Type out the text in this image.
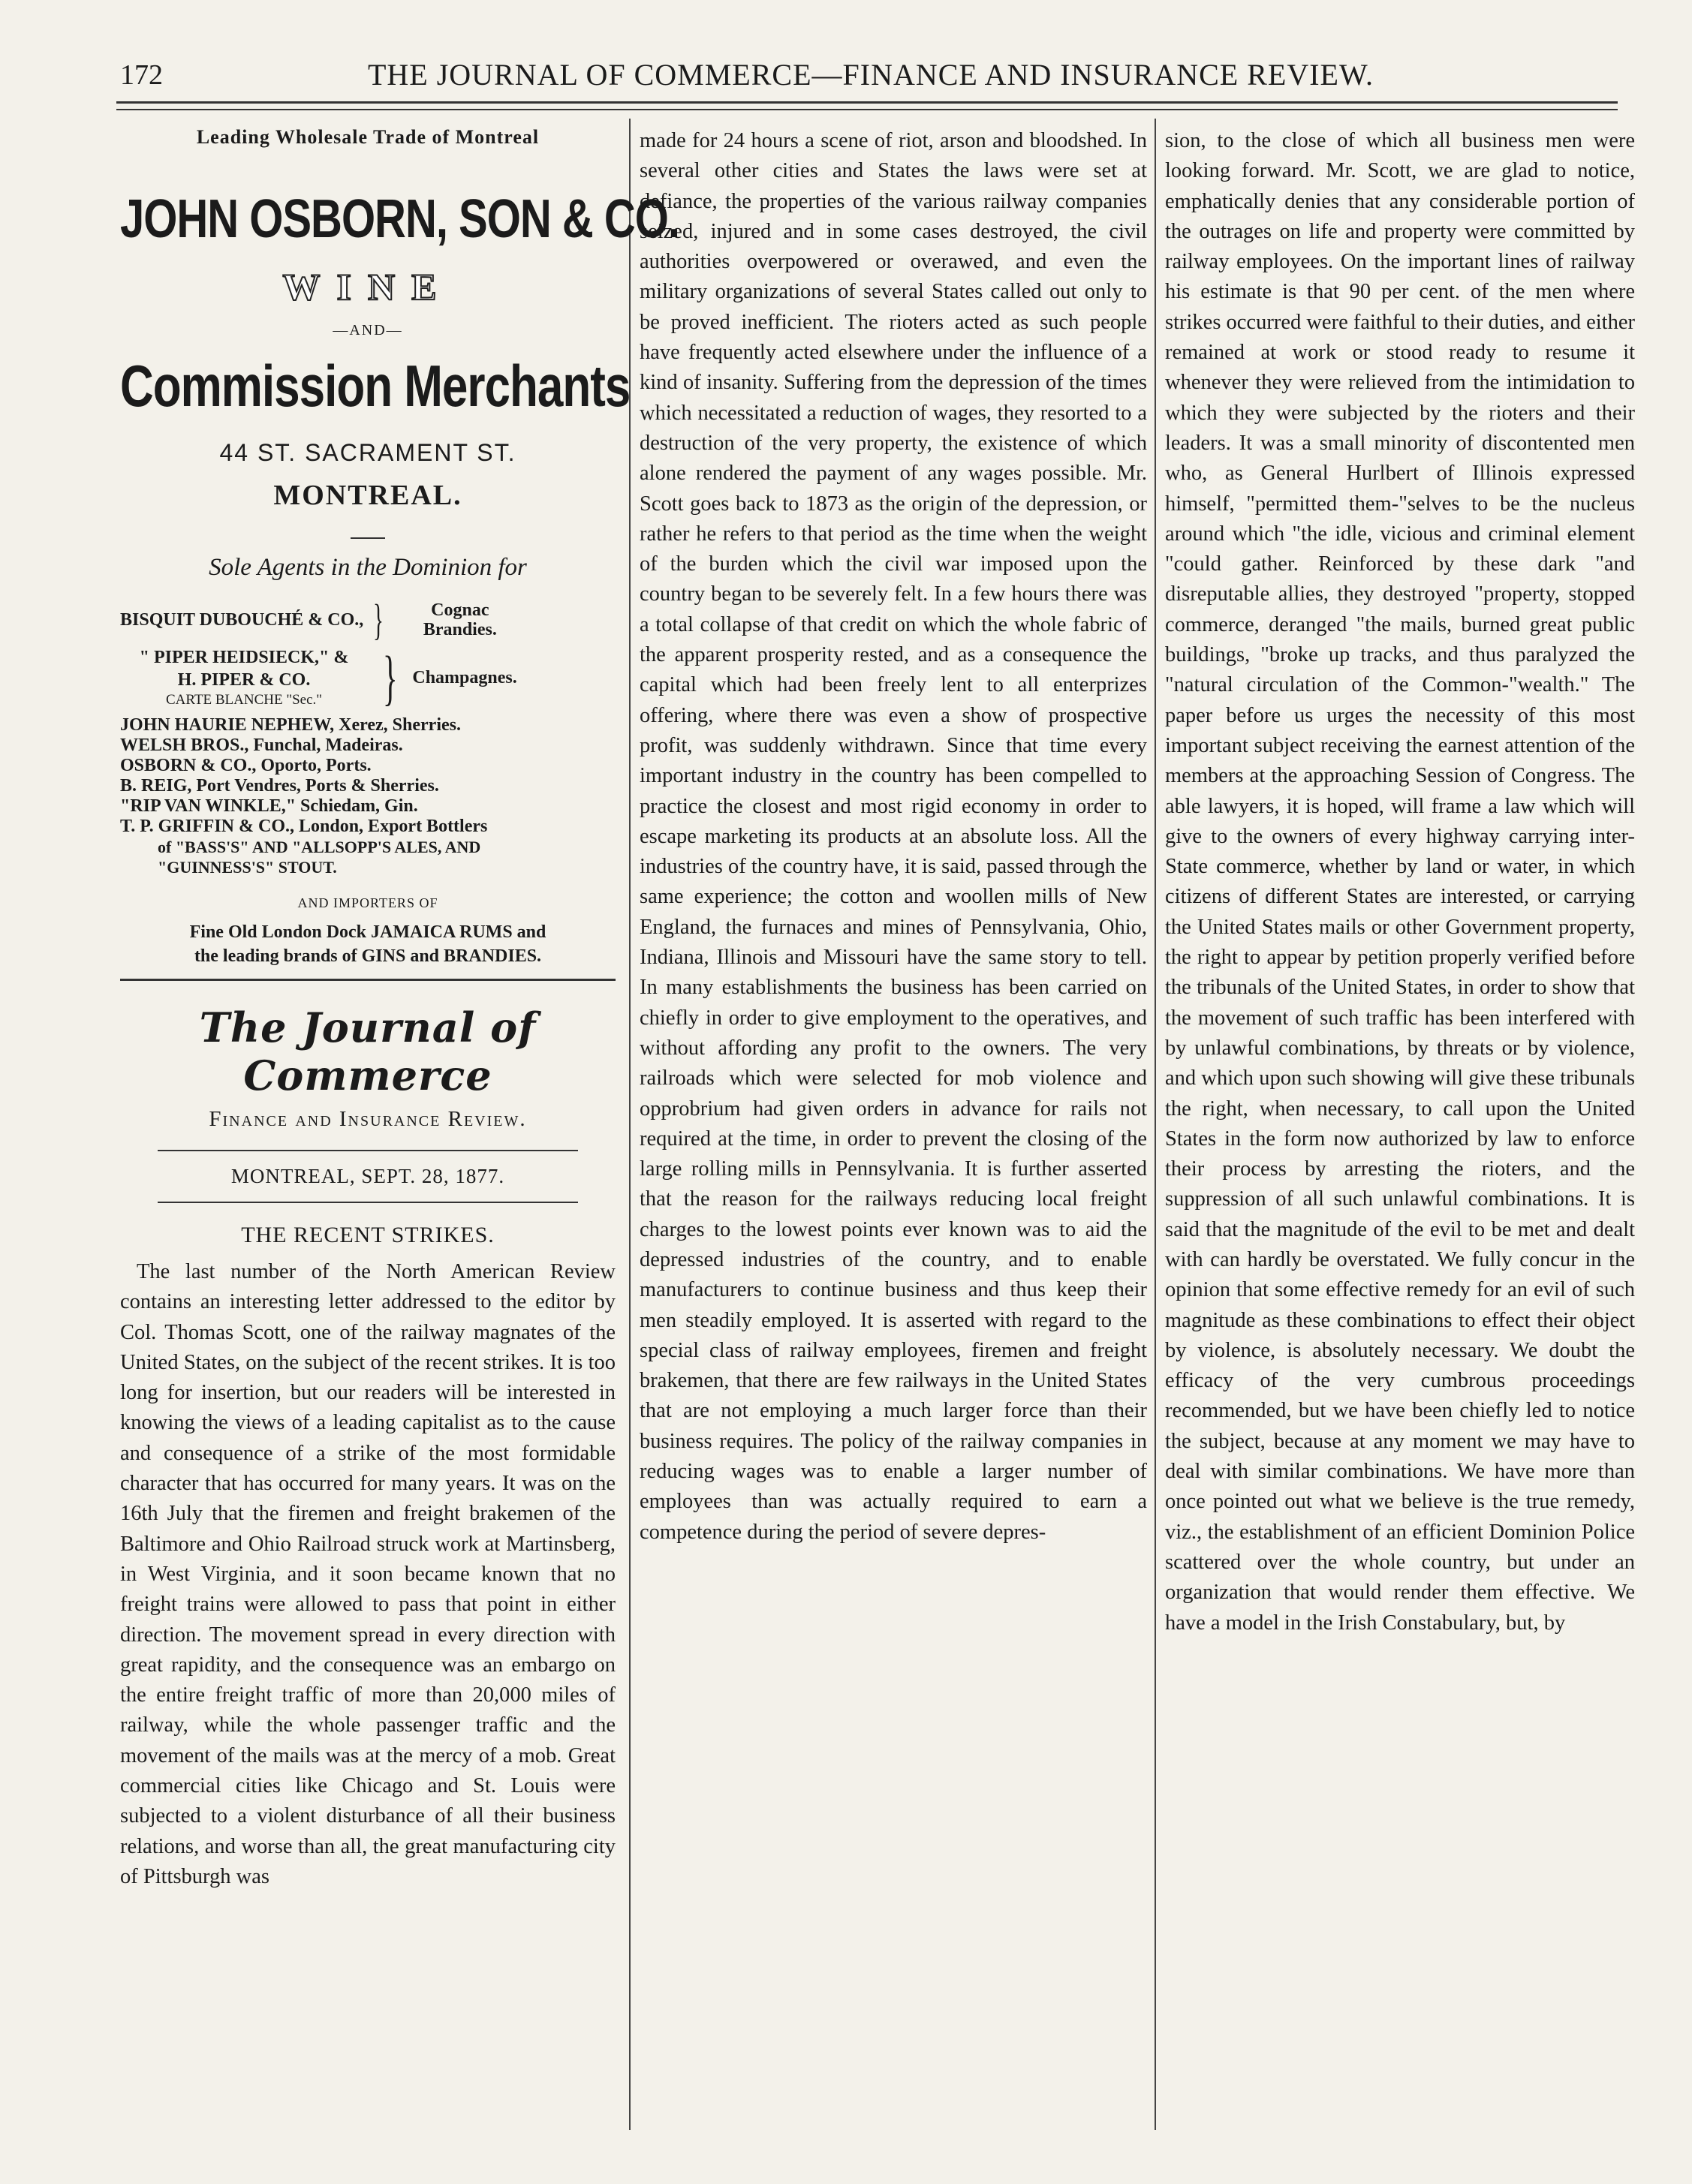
172	THE JOURNAL OF COMMERCE—FINANCE AND INSURANCE REVIEW.
Leading Wholesale Trade of Montreal
JOHN OSBORN, SON & CO.
WINE
—AND—
Commission Merchants
44 ST. SACRAMENT ST.
MONTREAL.
Sole Agents in the Dominion for
BISQUIT DUBOUCHÉ & CO., }	Cognac Brandies.
" PIPER HEIDSIECK," &
H. PIPER & CO.
CARTE BLANCHE "Sec." } Champagnes.
JOHN HAURIE NEPHEW, Xerez, Sherries.
WELSH BROS., Funchal, Madeiras.
OSBORN & CO., Oporto, Ports.
B. REIG, Port Vendres, Ports & Sherries.
"RIP VAN WINKLE," Schiedam, Gin.
T. P. GRIFFIN & CO., London, Export Bottlers
of "BASS'S" AND "ALLSOPP'S ALES, AND
"GUINNESS'S" STOUT.
AND IMPORTERS OF
Fine Old London Dock JAMAICA RUMS and
the leading brands of GINS and BRANDIES.
The Journal of Commerce
Finance and Insurance Review.
MONTREAL, SEPT. 28, 1877.
THE RECENT STRIKES.

The last number of the North American Review contains an interesting letter addressed to the editor by Col. Thomas Scott, one of the railway magnates of the United States, on the subject of the recent strikes. It is too long for insertion, but our readers will be interested in knowing the views of a leading capitalist as to the cause and consequence of a strike of the most formidable character that has occurred for many years. It was on the 16th July that the firemen and freight brakemen of the Baltimore and Ohio Railroad struck work at Martinsberg, in West Virginia, and it soon became known that no freight trains were allowed to pass that point in either direction. The movement spread in every direction with great rapidity, and the consequence was an embargo on the entire freight traffic of more than 20,000 miles of railway, while the whole passenger traffic and the movement of the mails was at the mercy of a mob. Great commercial cities like Chicago and St. Louis were subjected to a violent disturbance of all their business relations, and worse than all, the great manufacturing city of Pittsburgh was

made for 24 hours a scene of riot, arson and bloodshed. In several other cities and States the laws were set at defiance, the properties of the various railway companies seized, injured and in some cases destroyed, the civil authorities overpowered or overawed, and even the military organizations of several States called out only to be proved inefficient. The rioters acted as such people have frequently acted elsewhere under the influence of a kind of insanity. Suffering from the depression of the times which necessitated a reduction of wages, they resorted to a destruction of the very property, the existence of which alone rendered the payment of any wages possible. Mr. Scott goes back to 1873 as the origin of the depression, or rather he refers to that period as the time when the weight of the burden which the civil war imposed upon the country began to be severely felt. In a few hours there was a total collapse of that credit on which the whole fabric of the apparent prosperity rested, and as a consequence the capital which had been freely lent to all enterprizes offering, where there was even a show of prospective profit, was suddenly withdrawn. Since that time every important industry in the country has been compelled to practice the closest and most rigid economy in order to escape marketing its products at an absolute loss. All the industries of the country have, it is said, passed through the same experience; the cotton and woollen mills of New England, the furnaces and mines of Pennsylvania, Ohio, Indiana, Illinois and Missouri have the same story to tell. In many establishments the business has been carried on chiefly in order to give employment to the operatives, and without affording any profit to the owners. The very railroads which were selected for mob violence and opprobrium had given orders in advance for rails not required at the time, in order to prevent the closing of the large rolling mills in Pennsylvania. It is further asserted that the reason for the railways reducing local freight charges to the lowest points ever known was to aid the depressed industries of the country, and to enable manufacturers to continue business and thus keep their men steadily employed. It is asserted with regard to the special class of railway employees, firemen and freight brakemen, that there are few railways in the United States that are not employing a much larger force than their business requires. The policy of the railway companies in reducing wages was to enable a larger number of employees than was actually required to earn a competence during the period of severe depres-

sion, to the close of which all business men were looking forward. Mr. Scott, we are glad to notice, emphatically denies that any considerable portion of the outrages on life and property were committed by railway employees. On the important lines of railway his estimate is that 90 per cent. of the men where strikes occurred were faithful to their duties, and either remained at work or stood ready to resume it whenever they were relieved from the intimidation to which they were subjected by the rioters and their leaders. It was a small minority of discontented men who, as General Hurlbert of Illinois expressed himself, "permitted them-"selves to be the nucleus around which "the idle, vicious and criminal element "could gather. Reinforced by these dark "and disreputable allies, they destroyed "property, stopped commerce, deranged "the mails, burned great public buildings, "broke up tracks, and thus paralyzed the "natural circulation of the Common-"wealth." The paper before us urges the necessity of this most important subject receiving the earnest attention of the members at the approaching Session of Congress. The able lawyers, it is hoped, will frame a law which will give to the owners of every highway carrying inter-State commerce, whether by land or water, in which citizens of different States are interested, or carrying the United States mails or other Government property, the right to appear by petition properly verified before the tribunals of the United States, in order to show that the movement of such traffic has been interfered with by unlawful combinations, by threats or by violence, and which upon such showing will give these tribunals the right, when necessary, to call upon the United States in the form now authorized by law to enforce their process by arresting the rioters, and the suppression of all such unlawful combinations. It is said that the magnitude of the evil to be met and dealt with can hardly be overstated. We fully concur in the opinion that some effective remedy for an evil of such magnitude as these combinations to effect their object by violence, is absolutely necessary. We doubt the efficacy of the very cumbrous proceedings recommended, but we have been chiefly led to notice the subject, because at any moment we may have to deal with similar combinations. We have more than once pointed out what we believe is the true remedy, viz., the establishment of an efficient Dominion Police scattered over the whole country, but under an organization that would render them effective. We have a model in the Irish Constabulary, but, by
